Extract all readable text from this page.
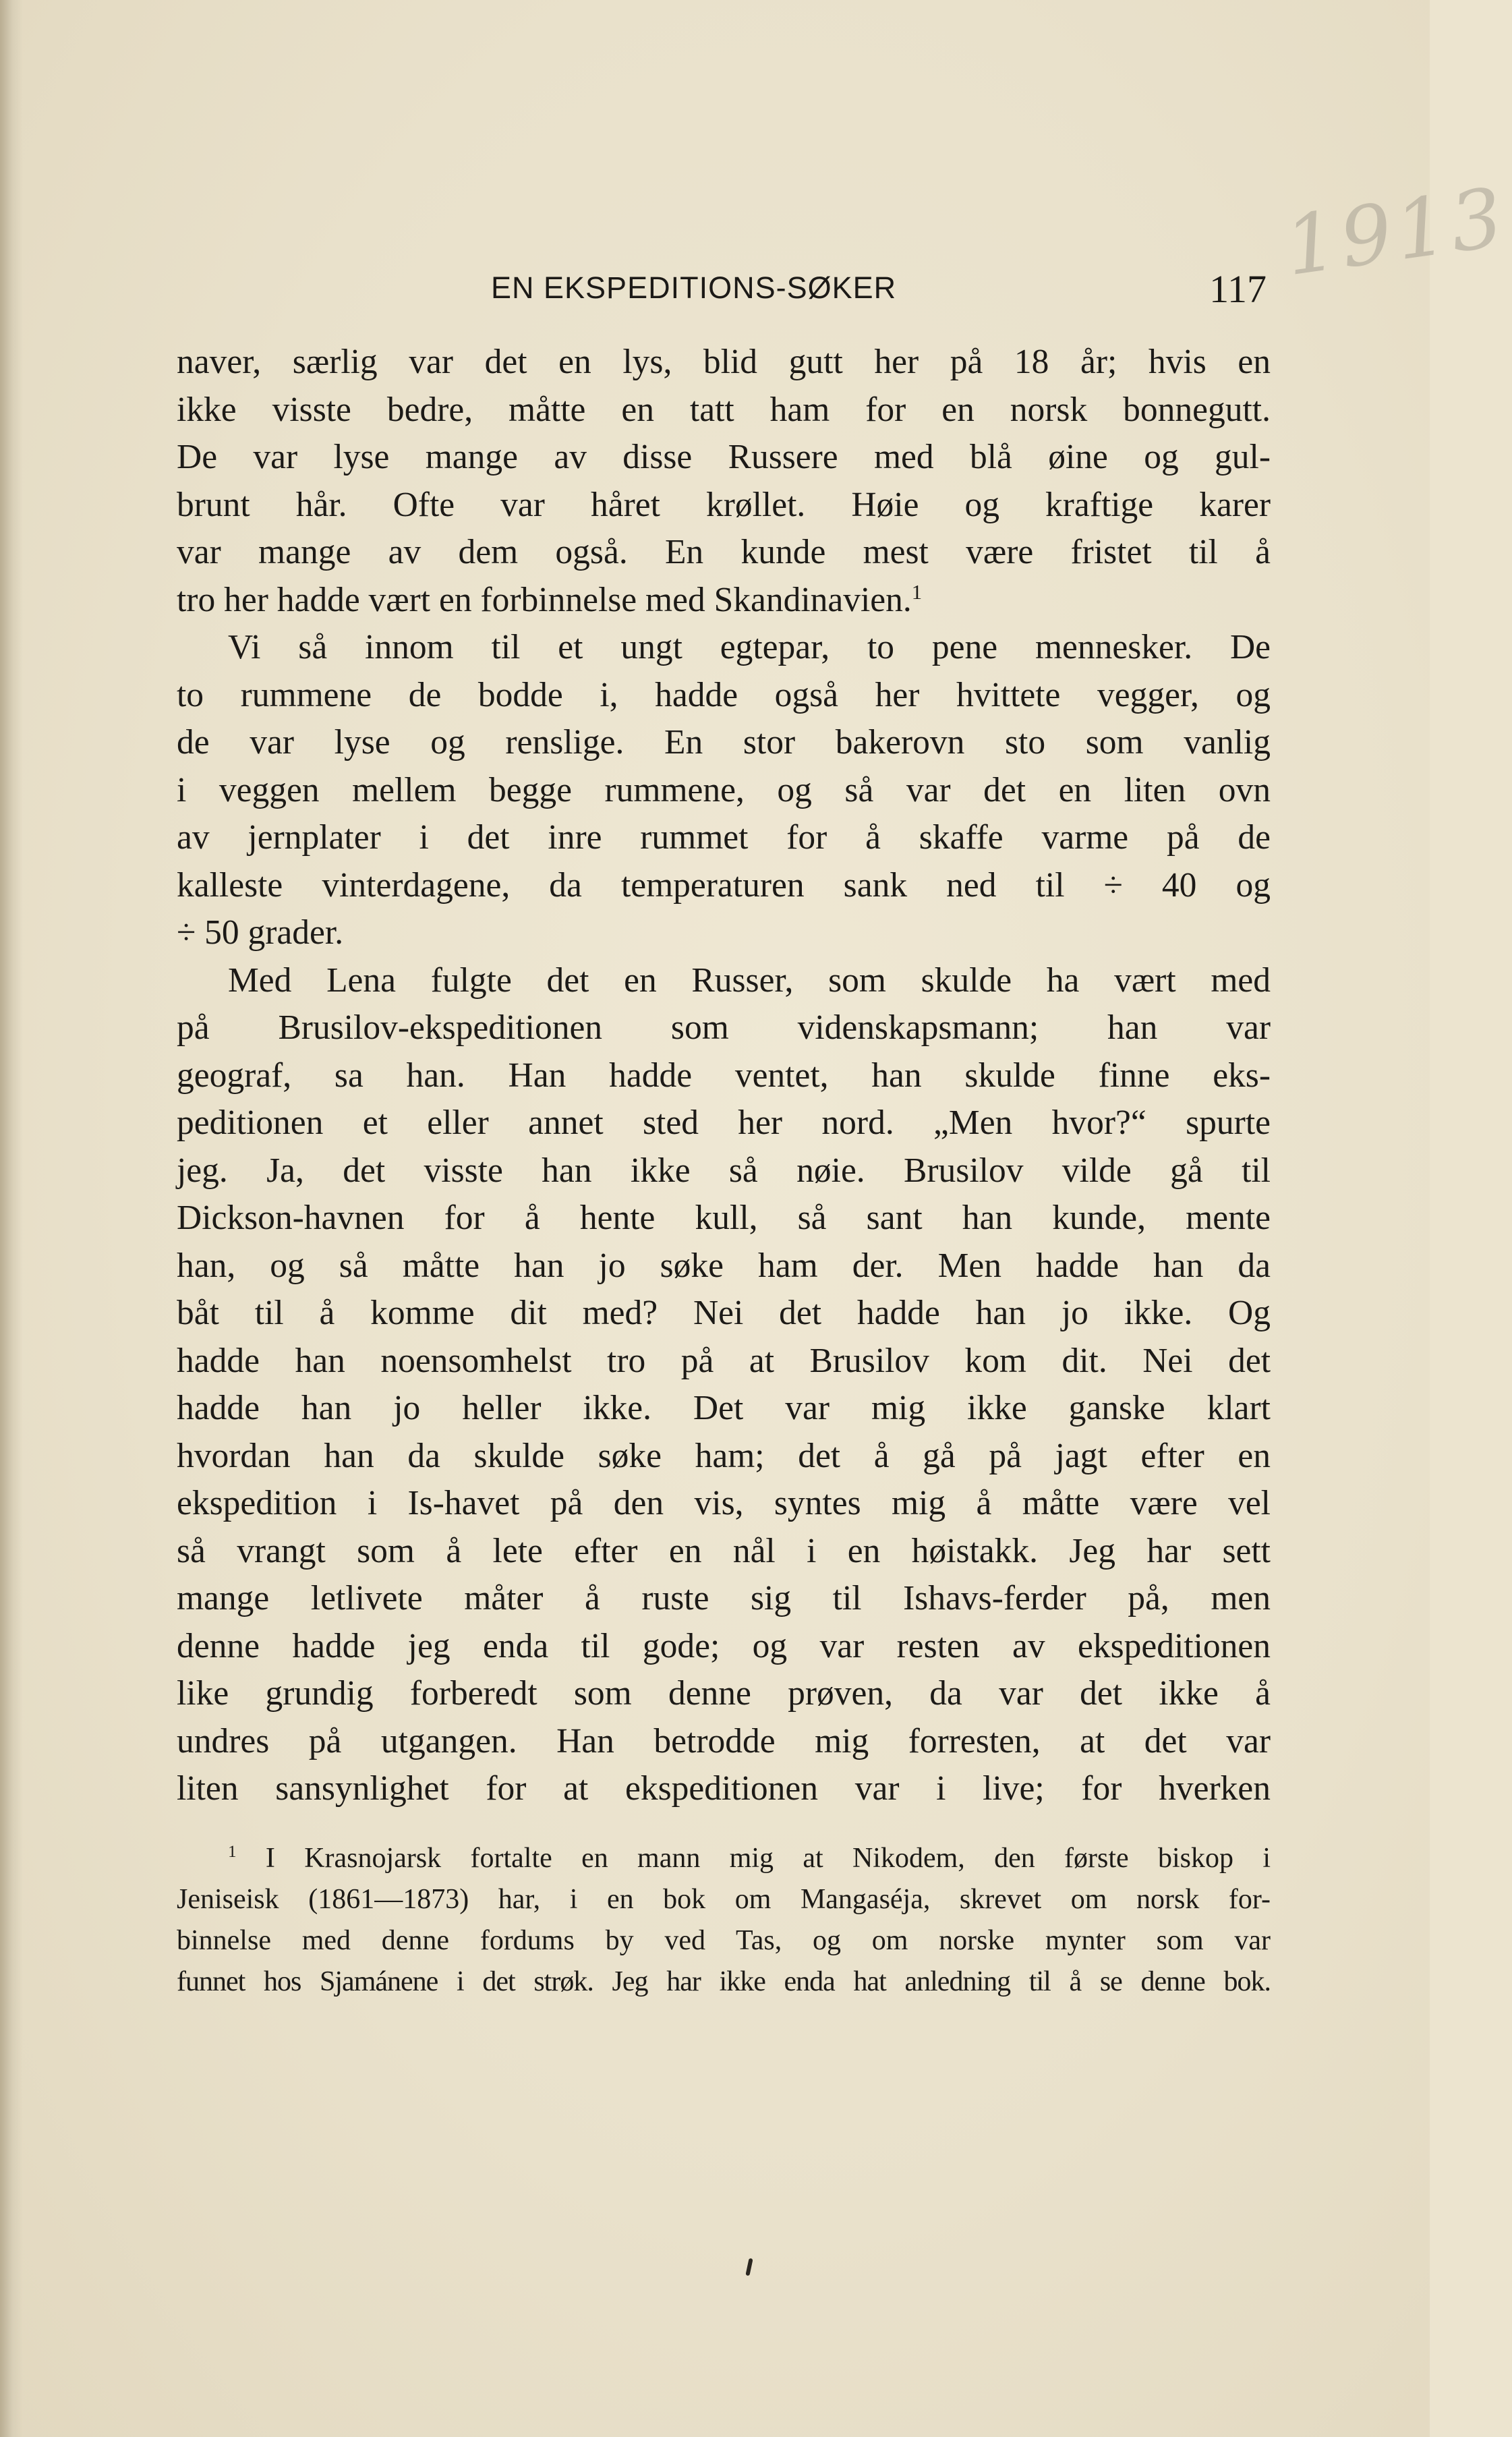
1913
EN EKSPEDITIONS-SØKER	117
naver, særlig var det en lys, blid gutt her på 18 år; hvis en
ikke visste bedre, måtte en tatt ham for en norsk bonnegutt.
De var lyse mange av disse Russere med blå øine og gul-
brunt hår. Ofte var håret krøllet. Høie og kraftige karer
var mange av dem også. En kunde mest være fristet til å
tro her hadde vært en forbinnelse med Skandinavien.$^1$
Vi så innom til et ungt egtepar, to pene mennesker. De
to rummene de bodde i, hadde også her hvittete vegger, og
de var lyse og renslige. En stor bakerovn sto som vanlig
i veggen mellem begge rummene, og så var det en liten ovn
av jernplater i det inre rummet for å skaffe varme på de
kalleste vinterdagene, da temperaturen sank ned til ÷ 40 og
÷ 50 grader.
Med Lena fulgte det en Russer, som skulde ha vært med
på Brusilov-ekspeditionen som videnskapsmann; han var
geograf, sa han. Han hadde ventet, han skulde finne eks-
peditionen et eller annet sted her nord. „Men hvor?“ spurte
jeg. Ja, det visste han ikke så nøie. Brusilov vilde gå til
Dickson-havnen for å hente kull, så sant han kunde, mente
han, og så måtte han jo søke ham der. Men hadde han da
båt til å komme dit med? Nei det hadde han jo ikke. Og
hadde han noensomhelst tro på at Brusilov kom dit. Nei det
hadde han jo heller ikke. Det var mig ikke ganske klart
hvordan han da skulde søke ham; det å gå på jagt efter en
ekspedition i Is-havet på den vis, syntes mig å måtte være vel
så vrangt som å lete efter en nål i en høistakk. Jeg har sett
mange letlivete måter å ruste sig til Ishavs-ferder på, men
denne hadde jeg enda til gode; og var resten av ekspeditionen
like grundig forberedt som denne prøven, da var det ikke å
undres på utgangen. Han betrodde mig forresten, at det var
liten sansynlighet for at ekspeditionen var i live; for hverken
$^1$ I Krasnojarsk fortalte en mann mig at Nikodem, den første biskop i
Jeniseisk (1861—1873) har, i en bok om Mangaséja, skrevet om norsk for-
binnelse med denne fordums by ved Tas, og om norske mynter som var
funnet hos Sjamánene i det strøk. Jeg har ikke enda hat anledning til å se denne bok.
